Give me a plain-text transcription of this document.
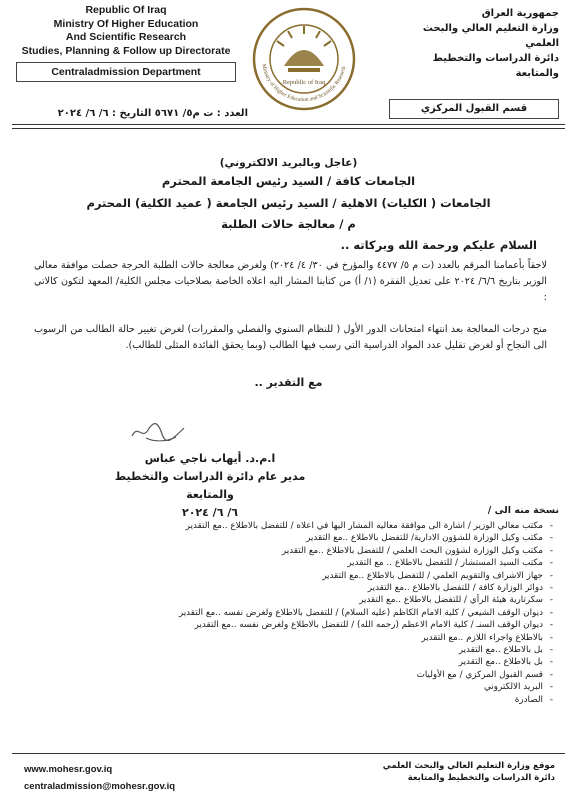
Republic Of Iraq
Ministry Of Higher Education
And Scientific Research
Studies, Planning & Follow up Directorate
Centraladmission Department
Republic of Iraq
Ministry of Higher Education and Scientific Research
جمهورية العراق
وزارة التعليم العالي والبحث العلمي
دائرة الدراسات والتخطيط والمتابعة
قسم القبول المركزي
العدد : ت م٥/ ٥٦٧١ التاريخ : ٦/ ٦/ ٢٠٢٤
(عاجل وبالبريد الالكتروني)
الجامعات كافة / السيد رئيس الجامعة المحترم
الجامعات ( الكليات) الاهلية / السيد رئيس الجامعة ( عميد الكلية) المحترم
م / معالجة حالات الطلبة
السلام عليكم ورحمة الله وبركاته ..

لاحقاً بأعمامنا المرقم بالعدد (ت م ٥/ ٤٤٧٧ والمؤرخ في ٣٠/ ٤/ ٢٠٢٤) ولغرض معالجة حالات الطلبة الحرجة حصلت موافقة معالي الوزير بتاريخ ٦/٦/ ٢٠٢٤ على تعديل الفقرة (١/ أ) من كتابنا المشار اليه اعلاه الخاصة بصلاحيات مجلس الكلية/ المعهد لتكون كالاتي :

منح درجات المعالجة بعد انتهاء امتحانات الدور الأول ( للنظام السنوي والفصلي والمقررات) لغرض تغيير حالة الطالب من الرسوب الى النجاح أو لغرض تقليل عدد المواد الدراسية التي رسب فيها الطالب (وبما يحقق الفائدة المثلى للطالب).

مع التقدير ..
ا.م.د. أيهاب ناجي عباس
مدير عام دائرة الدراسات والتخطيط والمتابعة
٦/ ٦/ ٢٠٢٤	نسخة منه الى /
- مكتب معالي الوزير / اشارة الى موافقة معاليه المشار اليها في اعلاه / للتفضل بالاطلاع ..مع التقدير
- مكتب وكيل الوزارة للشؤون الادارية/ للتفضل بالاطلاع ..مع التقدير
- مكتب وكيل الوزارة لشؤون البحث العلمي / للتفضل بالاطلاع ..مع التقدير
- مكتب السيد المستشار / للتفضل بالاطلاع .. مع التقدير
- جهاز الاشراف والتقويم العلمي / للتفضل بالاطلاع ..مع التقدير
- دوائر الوزارة كافة / للتفضل بالاطلاع ..مع التقدير
- سكرتارية هيئة الرأي / للتفضل بالاطلاع ..مع التقدير
- ديوان الوقف الشيعي / كلية الامام الكاظم (عليه السلام) / للتفضل بالاطلاع ولغرض نفسه ..مع التقدير
- ديوان الوقف السنـ / كلية الامام الاعظم (رحمه الله) / للتفضل بالاطلاع ولغرض نفسه ..مع التقدير
- بالاطلاع واجراء اللازم ..مع التقدير
- بل بالاطلاع ..مع التقدير
- بل بالاطلاع ..مع التقدير
- قسم القبول المركزي / مع الأوليات
- البريد الالكتروني
- الصادرة
www.mohesr.gov.iq
centraladmission@mohesr.gov.iq
موقع وزارة التعليم العالي والبحث العلمي
دائرة الدراسات والتخطيط والمتابعة
